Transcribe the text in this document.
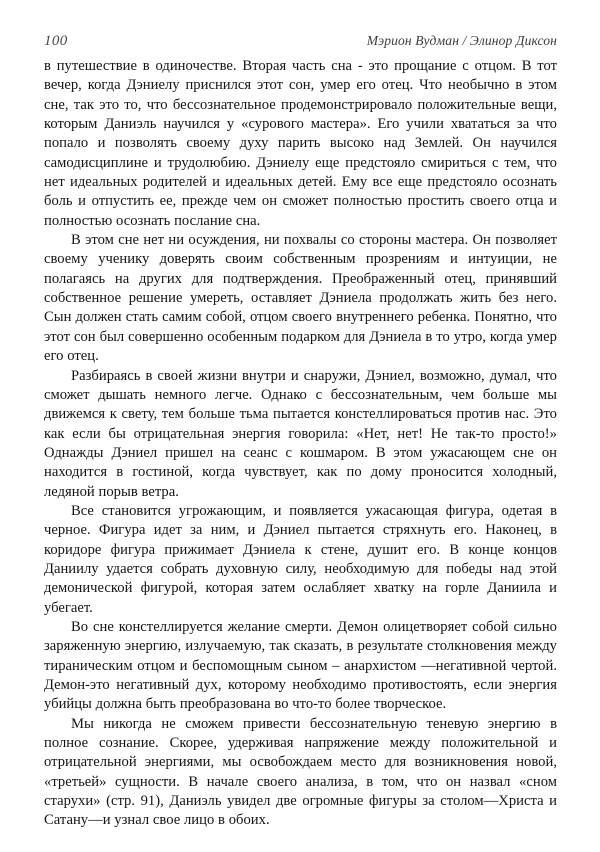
100	Мэрион Вудман / Элинор Диксон

в путешествие в одиночестве. Вторая часть сна - это прощание с отцом. В тот вечер, когда Дэниелу приснился этот сон, умер его отец. Что необычно в этом сне, так это то, что бессознательное продемонстрировало положительные вещи, которым Даниэль научился у «сурового мастера». Его учили хвататься за что попало и позволять своему духу парить высоко над Землей. Он научился самодисциплине и трудолюбию. Дэниелу еще предстояло смириться с тем, что нет идеальных родителей и идеальных детей. Ему все еще предстояло осознать боль и отпустить ее, прежде чем он сможет полностью простить своего отца и полностью осознать послание сна.

В этом сне нет ни осуждения, ни похвалы со стороны мастера. Он позволяет своему ученику доверять своим собственным прозрениям и интуиции, не полагаясь на других для подтверждения. Преображенный отец, принявший собственное решение умереть, оставляет Дэниела продолжать жить без него. Сын должен стать самим собой, отцом своего внутреннего ребенка. Понятно, что этот сон был совершенно особенным подарком для Дэниела в то утро, когда умер его отец.

Разбираясь в своей жизни внутри и снаружи, Дэниел, возможно, думал, что сможет дышать немного легче. Однако с бессознательным, чем больше мы движемся к свету, тем больше тьма пытается констеллироваться против нас. Это как если бы отрицательная энергия говорила: «Нет, нет! Не так-то просто!» Однажды Дэниел пришел на сеанс с кошмаром. В этом ужасающем сне он находится в гостиной, когда чувствует, как по дому проносится холодный, ледяной порыв ветра.

Все становится угрожающим, и появляется ужасающая фигура, одетая в черное. Фигура идет за ним, и Дэниел пытается стряхнуть его. Наконец, в коридоре фигура прижимает Дэниела к стене, душит его. В конце концов Даниилу удается собрать духовную силу, необходимую для победы над этой демонической фигурой, которая затем ослабляет хватку на горле Даниила и убегает.

Во сне констеллируется желание смерти. Демон олицетворяет собой сильно заряженную энергию, излучаемую, так сказать, в результате столкновения между тираническим отцом и беспомощным сыном – анархистом —негативной чертой. Демон-это негативный дух, которому необходимо противостоять, если энергия убийцы должна быть преобразована во что-то более творческое.

Мы никогда не сможем привести бессознательную теневую энергию в полное сознание. Скорее, удерживая напряжение между положительной и отрицательной энергиями, мы освобождаем место для возникновения новой, «третьей» сущности. В начале своего анализа, в том, что он назвал «сном старухи» (стр. 91), Даниэль увидел две огромные фигуры за столом—Христа и Сатану—и узнал свое лицо в обоих.
